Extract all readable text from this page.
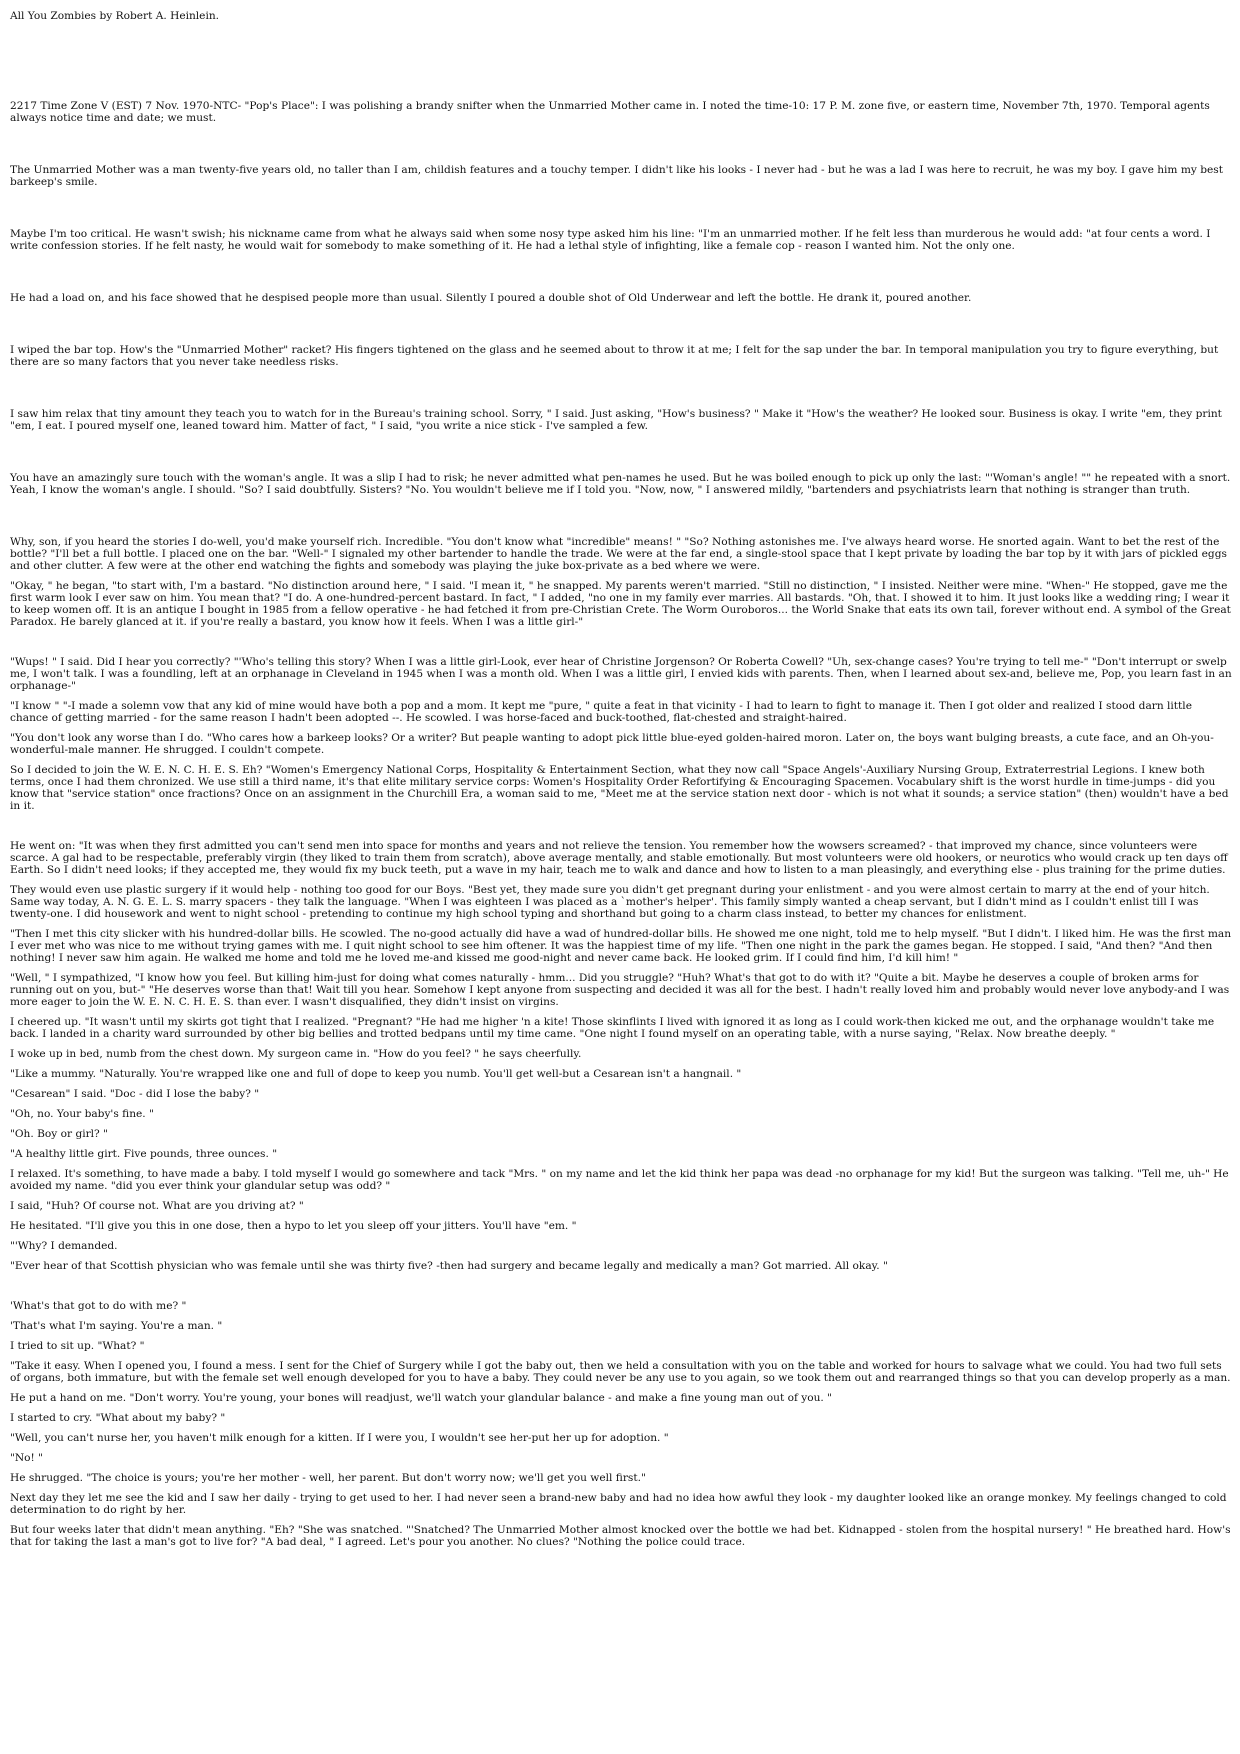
All You Zombies by Robert A. Heinlein.

2217 Time Zone V (EST) 7 Nov. 1970-NTC- "Pop's Place": I was polishing a brandy snifter when the Unmarried Mother came in. I noted the time-10: 17 P. M. zone five, or eastern time, November 7th, 1970. Temporal agents always notice time and date; we must.

The Unmarried Mother was a man twenty-five years old, no taller than I am, childish features and a touchy temper. I didn't like his looks - I never had - but he was a lad I was here to recruit, he was my boy. I gave him my best barkeep's smile.

Maybe I'm too critical. He wasn't swish; his nickname came from what he always said when some nosy type asked him his line: "I'm an unmarried mother. If he felt less than murderous he would add: "at four cents a word. I write confession stories. If he felt nasty, he would wait for somebody to make something of it. He had a lethal style of infighting, like a female cop - reason I wanted him. Not the only one.

He had a load on, and his face showed that he despised people more than usual. Silently I poured a double shot of Old Underwear and left the bottle. He drank it, poured another.

I wiped the bar top. How's the "Unmarried Mother" racket? His fingers tightened on the glass and he seemed about to throw it at me; I felt for the sap under the bar. In temporal manipulation you try to figure everything, but there are so many factors that you never take needless risks.

I saw him relax that tiny amount they teach you to watch for in the Bureau's training school. Sorry, " I said. Just asking, "How's business? " Make it "How's the weather? He looked sour. Business is okay. I write "em, they print "em, I eat. I poured myself one, leaned toward him. Matter of fact, " I said, "you write a nice stick - I've sampled a few.

You have an amazingly sure touch with the woman's angle. It was a slip I had to risk; he never admitted what pen-names he used. But he was boiled enough to pick up only the last: "'Woman's angle! "" he repeated with a snort. Yeah, I know the woman's angle. I should. "So? I said doubtfully. Sisters? "No. You wouldn't believe me if I told you. "Now, now, " I answered mildly, "bartenders and psychiatrists learn that nothing is stranger than truth.

Why, son, if you heard the stories I do-well, you'd make yourself rich. Incredible. "You don't know what "incredible" means! " "So? Nothing astonishes me. I've always heard worse. He snorted again. Want to bet the rest of the bottle? "I'll bet a full bottle. I placed one on the bar. "Well-" I signaled my other bartender to handle the trade. We were at the far end, a single-stool space that I kept private by loading the bar top by it with jars of pickled eggs and other clutter. A few were at the other end watching the fights and somebody was playing the juke box-private as a bed where we were.

"Okay, " he began, "to start with, I'm a bastard. "No distinction around here, " I said. "I mean it, " he snapped. My parents weren't married. "Still no distinction, " I insisted. Neither were mine. "When-" He stopped, gave me the first warm look I ever saw on him. You mean that? "I do. A one-hundred-percent bastard. In fact, " I added, "no one in my family ever marries. All bastards. "Oh, that. I showed it to him. It just looks like a wedding ring; I wear it to keep women off. It is an antique I bought in 1985 from a fellow operative - he had fetched it from pre-Christian Crete. The Worm Ouroboros... the World Snake that eats its own tail, forever without end. A symbol of the Great Paradox. He barely glanced at it. if you're really a bastard, you know how it feels. When I was a little girl-"

"Wups! " I said. Did I hear you correctly? "'Who's telling this story? When I was a little girl-Look, ever hear of Christine Jorgenson? Or Roberta Cowell? "Uh, sex-change cases? You're trying to tell me-" "Don't interrupt or swelp me, I won't talk. I was a foundling, left at an orphanage in Cleveland in 1945 when I was a month old. When I was a little girl, I envied kids with parents. Then, when I learned about sex-and, believe me, Pop, you learn fast in an orphanage-"

"I know " "-I made a solemn vow that any kid of mine would have both a pop and a mom. It kept me "pure, " quite a feat in that vicinity - I had to learn to fight to manage it. Then I got older and realized I stood darn little chance of getting married - for the same reason I hadn't been adopted --. He scowled. I was horse-faced and buck-toothed, flat-chested and straight-haired.

"You don't look any worse than I do. "Who cares how a barkeep looks? Or a writer? But peaple wanting to adopt pick little blue-eyed golden-haired moron. Later on, the boys want bulging breasts, a cute face, and an Oh-you-wonderful-male manner. He shrugged. I couldn't compete.

So I decided to join the W. E. N. C. H. E. S. Eh? "Women's Emergency National Corps, Hospitality & Entertainment Section, what they now call "Space Angels'-Auxiliary Nursing Group, Extraterrestrial Legions. I knew both terms, once I had them chronized. We use still a third name, it's that elite military service corps: Women's Hospitality Order Refortifying & Encouraging Spacemen. Vocabulary shift is the worst hurdle in time-jumps - did you know that "service station" once fractions? Once on an assignment in the Churchill Era, a woman said to me, "Meet me at the service station next door - which is not what it sounds; a service station" (then) wouldn't have a bed in it.

He went on: "It was when they first admitted you can't send men into space for months and years and not relieve the tension. You remember how the wowsers screamed? - that improved my chance, since volunteers were scarce. A gal had to be respectable, preferably virgin (they liked to train them from scratch), above average mentally, and stable emotionally. But most volunteers were old hookers, or neurotics who would crack up ten days off Earth. So I didn't need looks; if they accepted me, they would fix my buck teeth, put a wave in my hair, teach me to walk and dance and how to listen to a man pleasingly, and everything else - plus training for the prime duties.

They would even use plastic surgery if it would help - nothing too good for our Boys. "Best yet, they made sure you didn't get pregnant during your enlistment - and you were almost certain to marry at the end of your hitch. Same way today, A. N. G. E. L. S. marry spacers - they talk the language. "When I was eighteen I was placed as a `mother's helper'. This family simply wanted a cheap servant, but I didn't mind as I couldn't enlist till I was twenty-one. I did housework and went to night school - pretending to continue my high school typing and shorthand but going to a charm class instead, to better my chances for enlistment.

"Then I met this city slicker with his hundred-dollar bills. He scowled. The no-good actually did have a wad of hundred-dollar bills. He showed me one night, told me to help myself. "But I didn't. I liked him. He was the first man I ever met who was nice to me without trying games with me. I quit night school to see him oftener. It was the happiest time of my life. "Then one night in the park the games began. He stopped. I said, "And then? "And then nothing! I never saw him again. He walked me home and told me he loved me-and kissed me good-night and never came back. He looked grim. If I could find him, I'd kill him! "

"Well, " I sympathized, "I know how you feel. But killing him-just for doing what comes naturally - hmm... Did you struggle? "Huh? What's that got to do with it? "Quite a bit. Maybe he deserves a couple of broken arms for running out on you, but-" "He deserves worse than that! Wait till you hear. Somehow I kept anyone from suspecting and decided it was all for the best. I hadn't really loved him and probably would never love anybody-and I was more eager to join the W. E. N. C. H. E. S. than ever. I wasn't disqualified, they didn't insist on virgins.

I cheered up. "It wasn't until my skirts got tight that I realized. "Pregnant? "He had me higher 'n a kite! Those skinflints I lived with ignored it as long as I could work-then kicked me out, and the orphanage wouldn't take me back. I landed in a charity ward surrounded by other big bellies and trotted bedpans until my time came. "One night I found myself on an operating table, with a nurse saying, "Relax. Now breathe deeply. "

I woke up in bed, numb from the chest down. My surgeon came in. "How do you feel? " he says cheerfully.

"Like a mummy. "Naturally. You're wrapped like one and full of dope to keep you numb. You'll get well-but a Cesarean isn't a hangnail. "

"Cesarean" I said. "Doc - did I lose the baby? "

"Oh, no. Your baby's fine. "

"Oh. Boy or girl? "

"A healthy little girt. Five pounds, three ounces. "

I relaxed. It's something, to have made a baby. I told myself I would go somewhere and tack "Mrs. " on my name and let the kid think her papa was dead -no orphanage for my kid! But the surgeon was talking. "Tell me, uh-" He avoided my name. "did you ever think your glandular setup was odd? "

I said, "Huh? Of course not. What are you driving at? "

He hesitated. "I'll give you this in one dose, then a hypo to let you sleep off your jitters. You'll have "em. "

"'Why? I demanded.

"Ever hear of that Scottish physician who was female until she was thirty five? -then had surgery and became legally and medically a man? Got married. All okay. "

'What's that got to do with me? "

'That's what I'm saying. You're a man. "

I tried to sit up. "What? "

"Take it easy. When I opened you, I found a mess. I sent for the Chief of Surgery while I got the baby out, then we held a consultation with you on the table and worked for hours to salvage what we could. You had two full sets of organs, both immature, but with the female set well enough developed for you to have a baby. They could never be any use to you again, so we took them out and rearranged things so that you can develop properly as a man.

He put a hand on me. "Don't worry. You're young, your bones will readjust, we'll watch your glandular balance - and make a fine young man out of you. "

I started to cry. "What about my baby? "

"Well, you can't nurse her, you haven't milk enough for a kitten. If I were you, I wouldn't see her-put her up for adoption. "

"No! "

He shrugged. "The choice is yours; you're her mother - well, her parent. But don't worry now; we'll get you well first."

Next day they let me see the kid and I saw her daily - trying to get used to her. I had never seen a brand-new baby and had no idea how awful they look - my daughter looked like an orange monkey. My feelings changed to cold determination to do right by her.

But four weeks later that didn't mean anything. "Eh? "She was snatched. "'Snatched? The Unmarried Mother almost knocked over the bottle we had bet. Kidnapped - stolen from the hospital nursery! " He breathed hard. How's that for taking the last a man's got to live for? "A bad deal, " I agreed. Let's pour you another. No clues? "Nothing the police could trace.
